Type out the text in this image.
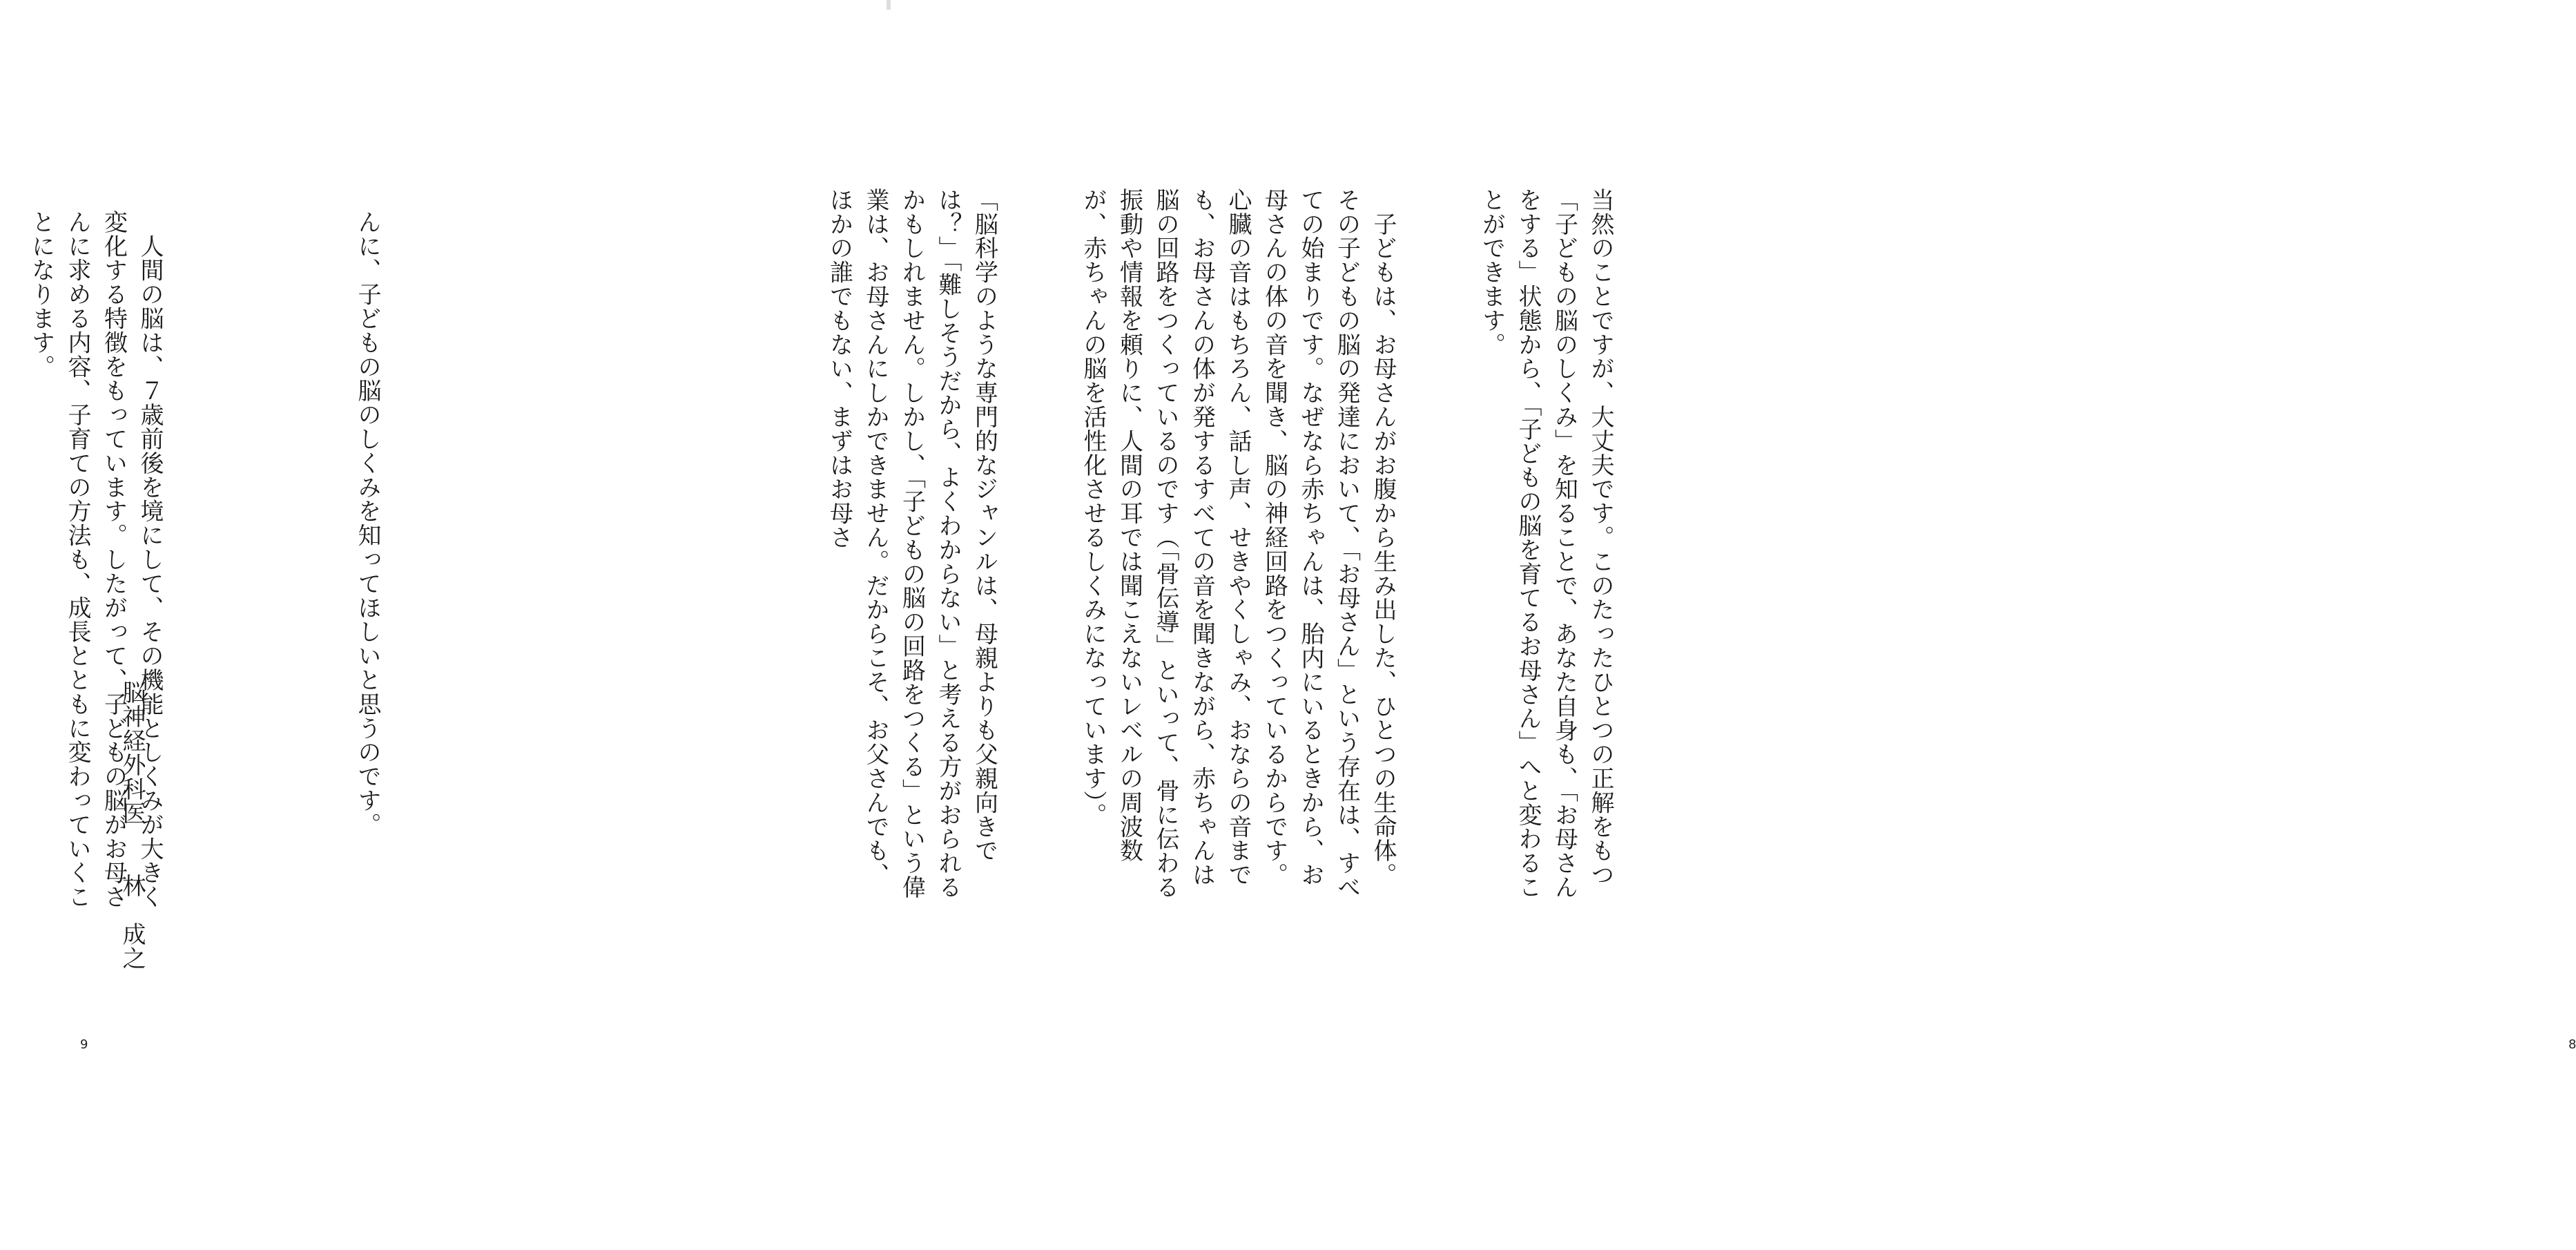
んに、子どもの脳のしくみを知ってほしいと思うのです。

　人間の脳は、７歳前後を境にして、その機能としくみが大きく変化する特徴をもっています。したがって、子どもの脳がお母さんに求める内容、子育ての方法も、成長とともに変わっていくことになります。

脳神経外科医　　林　成之
9

当然のことですが、大丈夫です。このたったひとつの正解をもつ「子どもの脳のしくみ」を知ることで、あなた自身も、「お母さんをする」状態から、「子どもの脳を育てるお母さん」へと変わることができます。

　子どもは、お母さんがお腹から生み出した、ひとつの生命体。その子どもの脳の発達において、「お母さん」という存在は、すべての始まりです。なぜなら赤ちゃんは、胎内にいるときから、お母さんの体の音を聞き、脳の神経回路をつくっているからです。心臓の音はもちろん、話し声、せきやくしゃみ、おならの音までも、お母さんの体が発するすべての音を聞きながら、赤ちゃんは脳の回路をつくっているのです（「骨伝導」といって、骨に伝わる振動や情報を頼りに、人間の耳では聞こえないレベルの周波数が、赤ちゃんの脳を活性化させるしくみになっています）。

「脳科学のような専門的なジャンルは、母親よりも父親向きでは？」「難しそうだから、よくわからない」と考える方がおられるかもしれません。しかし、「子どもの脳の回路をつくる」という偉業は、お母さんにしかできません。だからこそ、お父さんでも、ほかの誰でもない、まずはお母さ

8
